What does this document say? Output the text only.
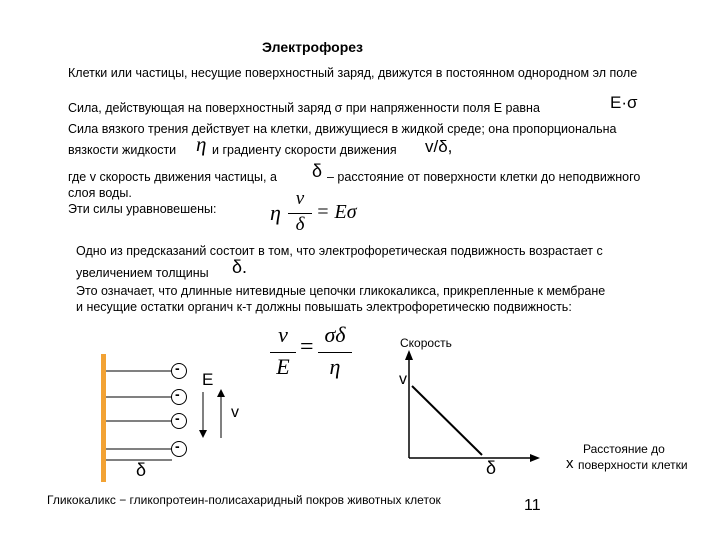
Электрофорез
Клетки или частицы, несущие поверхностный заряд, движутся в постоянном однородном эл поле
Сила, действующая на поверхностный заряд σ при напряженности поля E равна	E·σ
Сила вязкого трения действует на клетки, движущиеся в жидкой среде; она пропорциональна
вязкости жидкости η и градиенту скорости движения v/δ,
где v скорость движения частицы, а δ – расстояние от поверхности клетки до неподвижного
слоя воды.
Эти силы уравновешены: η
v
δ
= Eσ
Одно из предсказаний состоит в том, что электрофоретическая подвижность возрастает с
увеличением толщины δ.
Это означает, что длинные нитевидные цепочки гликокаликса, прикрепленные к мембране
и несущие остатки органич к-т должны повышать электрофоретическю подвижность:
v
E
= σδ
η
-
-
-
-
E
v
δ
Скорость
v
δ
Расстояние до
x поверхности клетки
Гликокаликс − гликопротеин-полисахаридный покров животных клеток	11
